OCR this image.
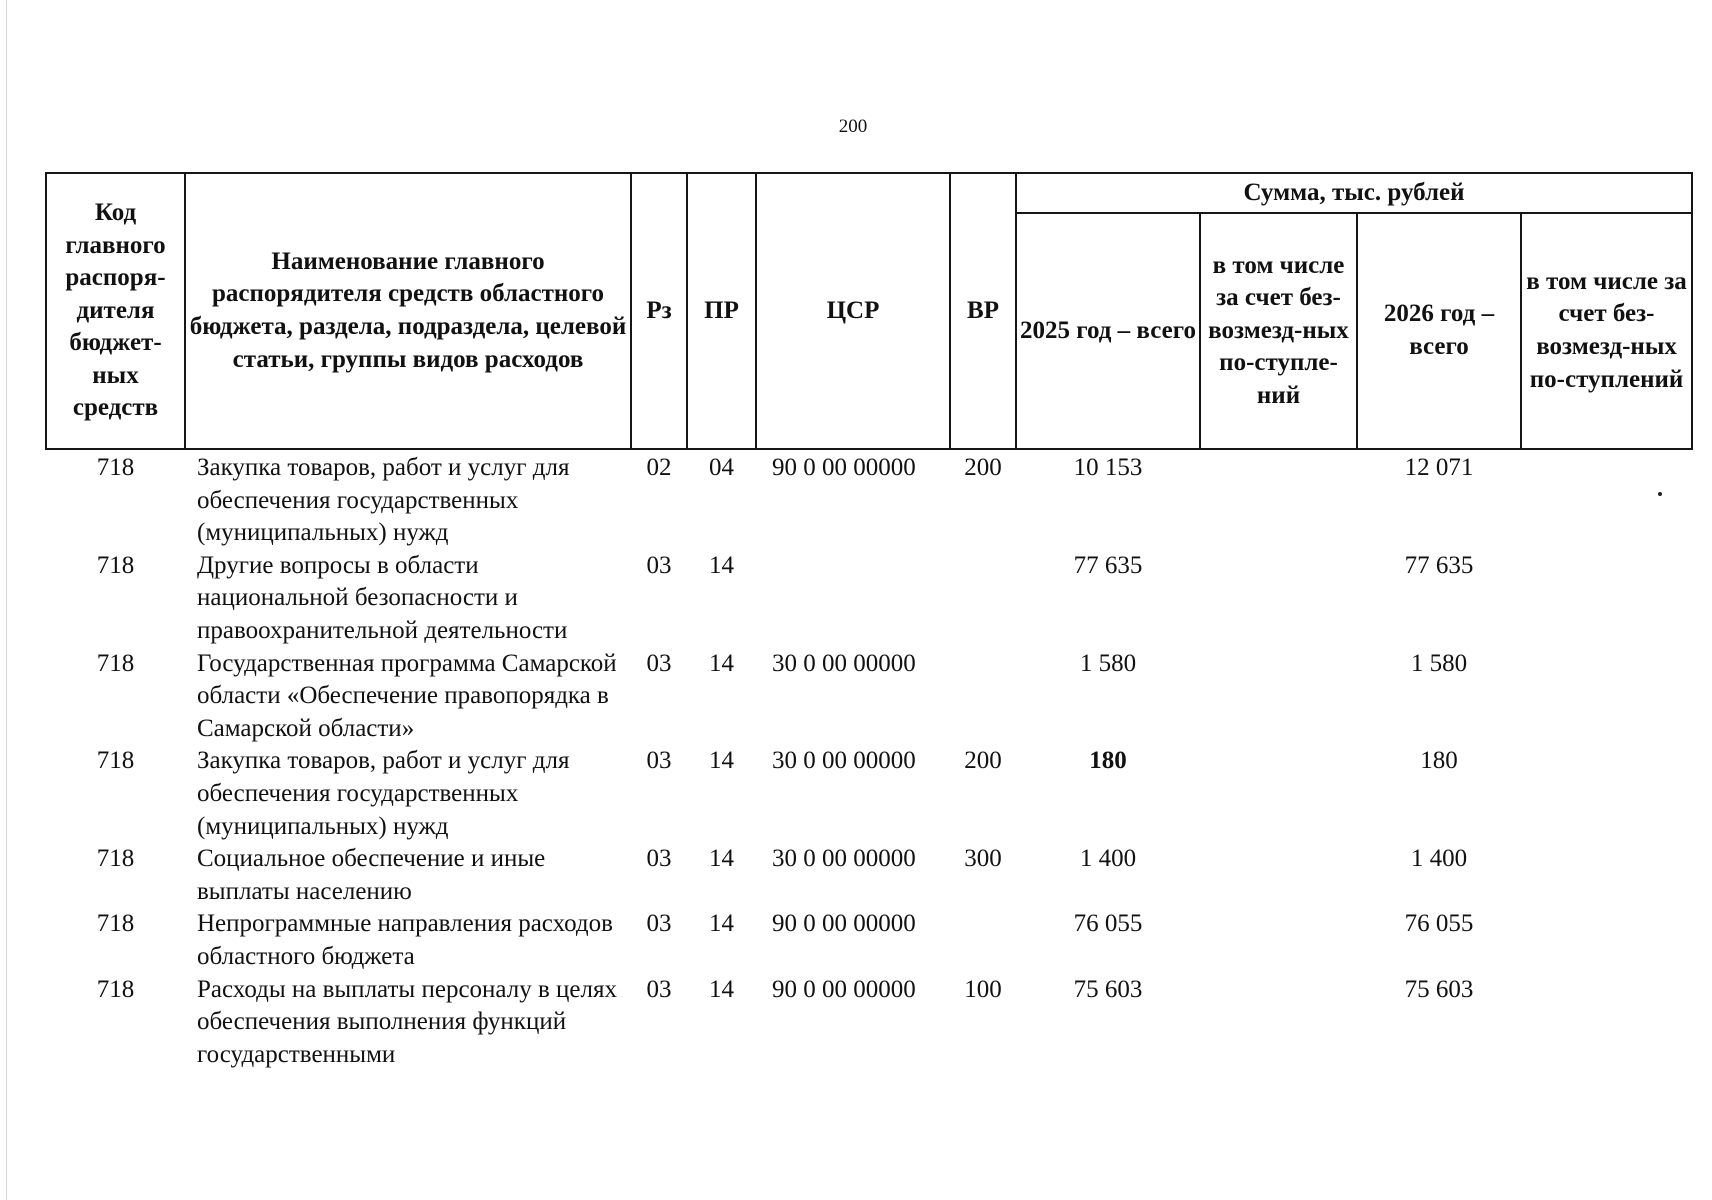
200
Код главного распоря-дителя бюджет-ных средств	Наименование главного распорядителя средств областного бюджета, раздела, подраздела, целевой статьи, группы видов расходов	Рз	ПР	ЦСР	ВР	Сумма, тыс. рублей			
						2025 год – всего	в том числе за счет без-возмезд-ных по-ступле-ний	2026 год – всего	в том числе за счет без-возмезд-ных по-ступлений
718	Закупка товаров, работ и услуг для обеспечения государственных (муниципальных) нужд	02	04	90 0 00 00000	200	10 153		12 071	
718	Другие вопросы в области национальной безопасности и правоохранительной деятельности	03	14			77 635		77 635	
718	Государственная программа Самарской области «Обеспечение правопорядка в Самарской области»	03	14	30 0 00 00000		1 580		1 580	
718	Закупка товаров, работ и услуг для обеспечения государственных (муниципальных) нужд	03	14	30 0 00 00000	200	180		180	
718	Социальное обеспечение и иные выплаты населению	03	14	30 0 00 00000	300	1 400		1 400	
718	Непрограммные направления расходов областного бюджета	03	14	90 0 00 00000		76 055		76 055	
718	Расходы на выплаты персоналу в целях обеспечения выполнения функций государственными	03	14	90 0 00 00000	100	75 603		75 603	
